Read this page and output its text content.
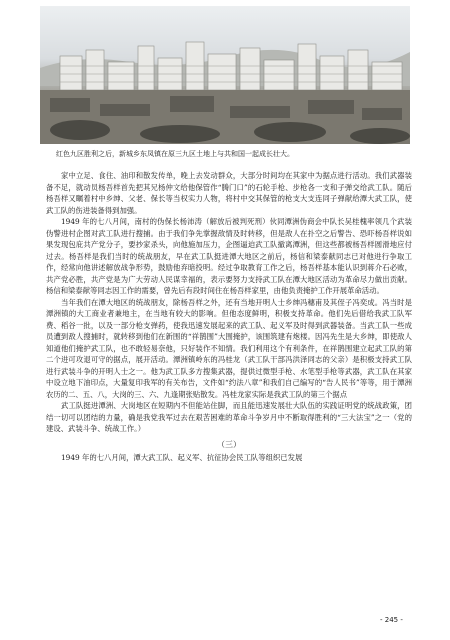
红色九区胜利之后，新城乡东凤镇在原三九区土地上与共和国一起成长壮大。

家中立足、食住、油印和散发传单，晚上去发动群众，大部分时间均在其家中为据点进行活动。我们武器装备不足，就动员杨吾样首先把其兄杨仲文给他保管作“腾门口”的石轮手枪、步枪各一支和子弹交给武工队。随后杨吾样又瞩着村中乡绅、父老、保长等当权实力人物，将村中交其保管的枪支大支连同子弹献给潭大武工队，使武工队的伤进装备得到加强。

1949 年的七八月间，南村的伪保长杨沛涛（解放后被判死刑）伙同潭洲伪商会中队长吴桂槐率领几个武装伪警进村企图对武工队进行搜捕。由于我们争先掌握敌情及时转移，但是敌人在扑空之后警告、恐吓杨吾样说如果发现包庇共产党分子，要抄家杀头，向他施加压力，企图逼迫武工队撤离潭洲，但这些都被杨吾样圆滑地应付过去。杨吾样是我们当时的统战朋友，早在武工队挺进潭大地区之前后，杨信和梁泰献同志已对他进行争取工作，经常向他讲述解放战争形势，鼓励他弃暗投明。经过争取教育工作之后，杨吾样基本能认识到蒋介石必败，共产党必胜，共产党是为广大劳动人民谋幸福的，表示要努力支持武工队在潭大地区活动为革命尽力做出贡献。杨信和梁泰献等同志因工作的需要，曾先后有段时间住在杨吾样家里，由他负责掩护工作开展革命活动。

当年我们在潭大地区的统战朋友，除杨吾样之外，还有当地开明人士乡绅冯穗甫及其侄子冯奕成。冯当时是潭洲镇的大工商业者兼地主，在当地有较大的影响。但他态度鲜明，积极支持革命。他们先后借给我武工队军费、稻谷一批，以及一部分枪支弹药，使我迅速发展起来的武工队、起义军及时得到武器装备。当武工队一些成员遭到敌人搜捕时，就转移到他们在新围的“祥鹊围”大围掩护，该围筑建有炮楼。因冯先生是大乡绅，即使敌人知道他们掩护武工队，也不敢轻易奈他，只好装作不知情。我们利用这个有利条件，在祥鹊围建立起武工队的第二个进可攻退可守的据点，展开活动。潭洲镇岭东的冯桂龙（武工队干部冯洪泽同志的父亲）是积极支持武工队进行武装斗争的开明人士之一。他为武工队多方搜集武器，提供过微型手枪、水笔型手枪等武器，武工队在其家中设立地下油印点，大量复印我军的有关布告，文件如“约法八章”和我们自己编写的“告人民书”等等，用于潭洲农历的二、五、八，大岗的三、六、九逢期张贴散发。冯桂龙家实际是我武工队的第三个据点

武工队挺进潭洲、大岗地区在短期内不但能站住脚，而且能迅速发展壮大队伍的实践证明党的统战政策，团结一切可以团结的力量，确是我党我军过去在艰苦困难的革命斗争岁月中不断取得胜利的“三大法宝”之一（党的建设、武装斗争、统战工作。）

（三）

1949 年的七八月间，潭大武工队、起义军、抗征协会民工队等组织已发展

- 245 -
